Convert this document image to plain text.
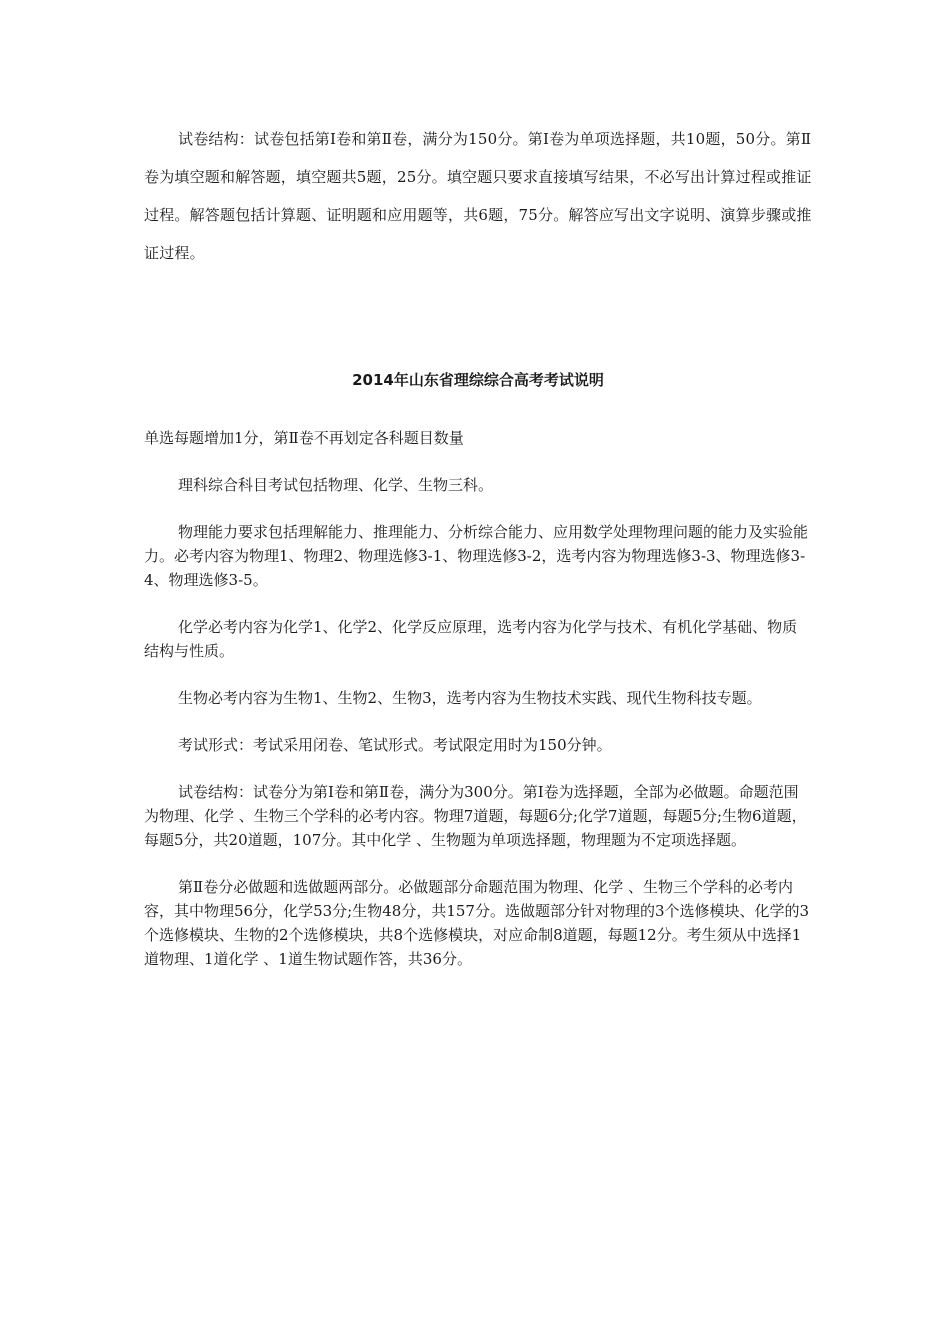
试卷结构：试卷包括第Ⅰ卷和第Ⅱ卷，满分为150分。第Ⅰ卷为单项选择题，共10题，50分。第Ⅱ卷为填空题和解答题，填空题共5题，25分。填空题只要求直接填写结果，不必写出计算过程或推证过程。解答题包括计算题、证明题和应用题等，共6题，75分。解答应写出文字说明、演算步骤或推证过程。

2014年山东省理综综合高考考试说明
单选每题增加1分，第Ⅱ卷不再划定各科题目数量

理科综合科目考试包括物理、化学、生物三科。

物理能力要求包括理解能力、推理能力、分析综合能力、应用数学处理物理问题的能力及实验能力。必考内容为物理1、物理2、物理选修3-1、物理选修3-2，选考内容为物理选修3-3、物理选修3-4、物理选修3-5。

化学必考内容为化学1、化学2、化学反应原理，选考内容为化学与技术、有机化学基础、物质结构与性质。

生物必考内容为生物1、生物2、生物3，选考内容为生物技术实践、现代生物科技专题。

考试形式：考试采用闭卷、笔试形式。考试限定用时为150分钟。

试卷结构：试卷分为第Ⅰ卷和第Ⅱ卷，满分为300分。第Ⅰ卷为选择题，全部为必做题。命题范围为物理、化学 、生物三个学科的必考内容。物理7道题，每题6分;化学7道题，每题5分;生物6道题，每题5分，共20道题，107分。其中化学 、生物题为单项选择题，物理题为不定项选择题。

第Ⅱ卷分必做题和选做题两部分。必做题部分命题范围为物理、化学 、生物三个学科的必考内容，其中物理56分，化学53分;生物48分，共157分。选做题部分针对物理的3个选修模块、化学的3个选修模块、生物的2个选修模块，共8个选修模块，对应命制8道题，每题12分。考生须从中选择1道物理、1道化学 、1道生物试题作答，共36分。
